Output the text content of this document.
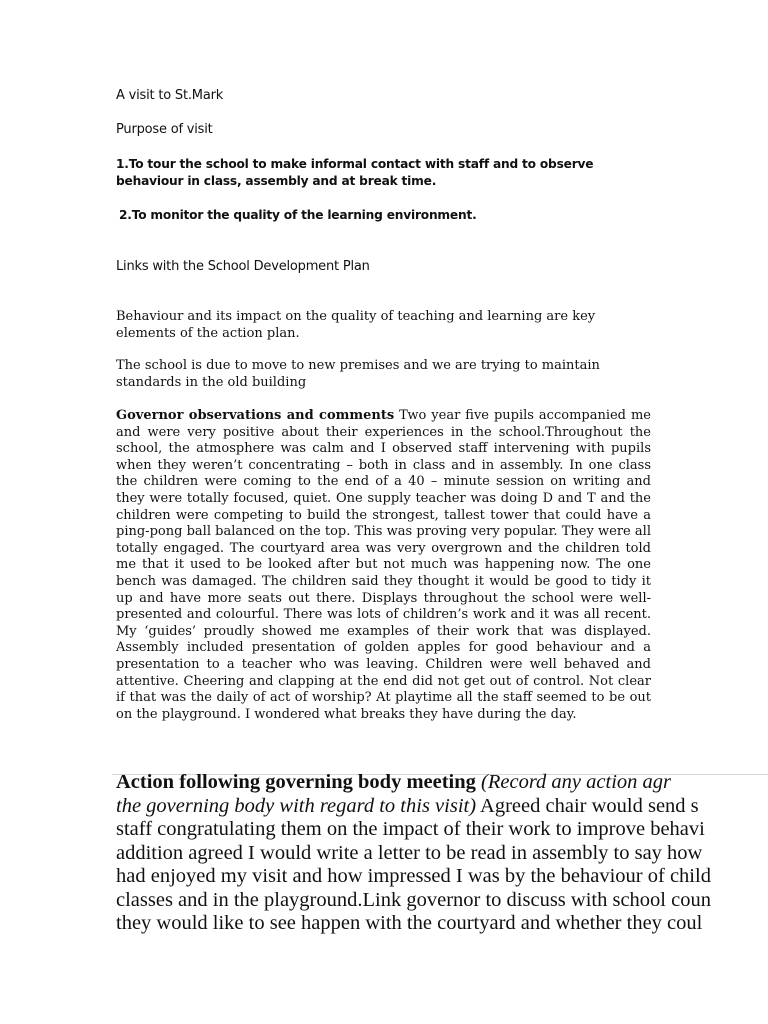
A visit to St.Mark

Purpose of visit

1.To tour the school to make informal contact with staff and to observe behaviour in class, assembly and at break time.

2.To monitor the quality of the learning environment.

Links with the School Development Plan

Behaviour and its impact on the quality of teaching and learning are key elements of the action plan.

The school is due to move to new premises and we are trying to maintain standards in the old building

Governor observations and comments Two year five pupils accompanied me and were very positive about their experiences in the school.Throughout the school, the atmosphere was calm and I observed staff intervening with pupils when they weren’t concentrating – both in class and in assembly. In one class the children were coming to the end of a 40 – minute session on writing and they were totally focused, quiet. One supply teacher was doing D and T and the children were competing to build the strongest, tallest tower that could have a ping-pong ball balanced on the top. This was proving very popular. They were all totally engaged. The courtyard area was very overgrown and the children told me that it used to be looked after but not much was happening now. The one bench was damaged. The children said they thought it would be good to tidy it up and have more seats out there. Displays throughout the school were well-presented and colourful. There was lots of children’s work and it was all recent. My ‘guides’ proudly showed me examples of their work that was displayed. Assembly included presentation of golden apples for good behaviour and a presentation to a teacher who was leaving. Children were well behaved and attentive. Cheering and clapping at the end did not get out of control. Not clear if that was the daily of act of worship? At playtime all the staff seemed to be out on the playground. I wondered what breaks they have during the day.

Action following governing body meeting (Record any action agr
the governing body with regard to this visit) Agreed chair would send s
staff congratulating them on the impact of their work to improve behavi
addition agreed I would write a letter to be read in assembly to say how
had enjoyed my visit and how impressed I was by the behaviour of child
classes and in the playground.Link governor to discuss with school coun
they would like to see happen with the courtyard and whether they coul
